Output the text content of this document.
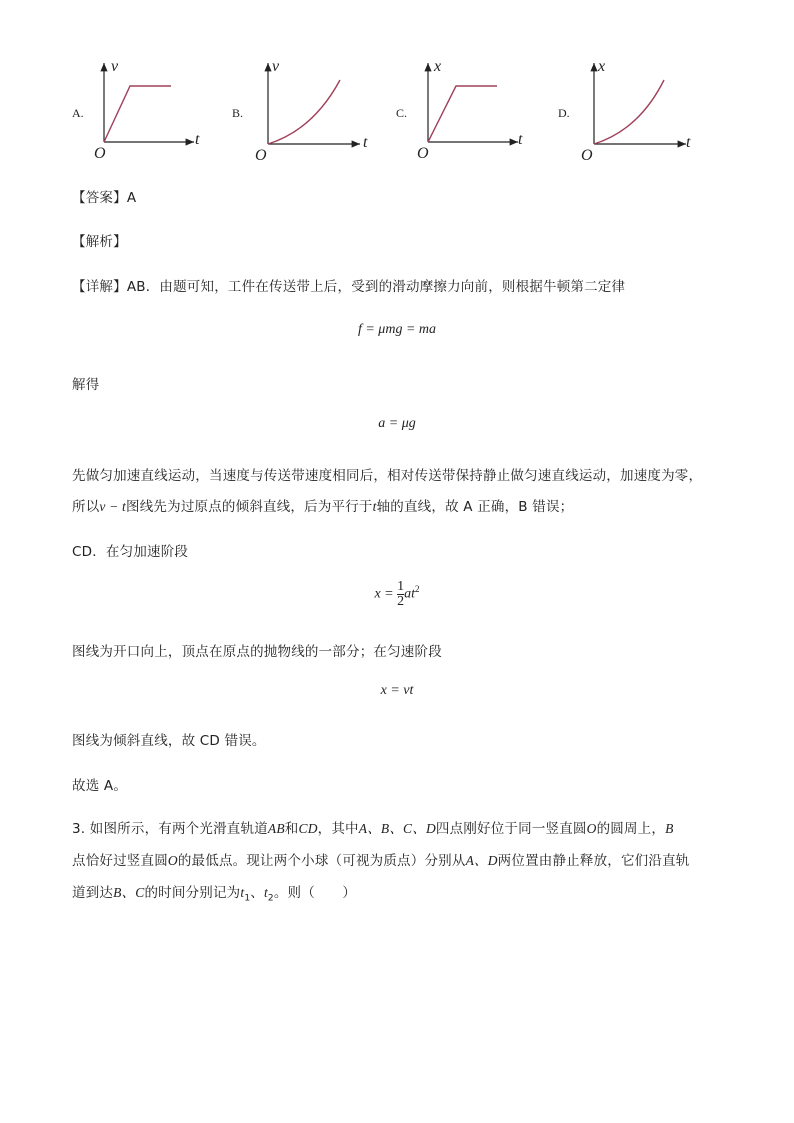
A.
v
t
O
B.
v
t
O
C.
x
t
O
D.
x
t
O
【答案】A
【解析】
【详解】AB．由题可知，工件在传送带上后，受到的滑动摩擦力向前，则根据牛顿第二定律
f = μmg = ma
解得
a = μg
先做匀加速直线运动，当速度与传送带速度相同后，相对传送带保持静止做匀速直线运动，加速度为零，
所以v − t图线先为过原点的倾斜直线，后为平行于t轴的直线，故 A 正确，B 错误；
CD．在匀加速阶段
$x = \frac{1}{2} at^2$
图线为开口向上，顶点在原点的抛物线的一部分；在匀速阶段
x = vt
图线为倾斜直线，故 CD 错误。
故选 A。
3. 如图所示，有两个光滑直轨道AB和CD，其中A、B、C、D四点刚好位于同一竖直圆O的圆周上，B
点恰好过竖直圆O的最低点。现让两个小球（可视为质点）分别从A、D两位置由静止释放，它们沿直轨
道到达B、C的时间分别记为$t_1$、$t_2$。则（　　）
